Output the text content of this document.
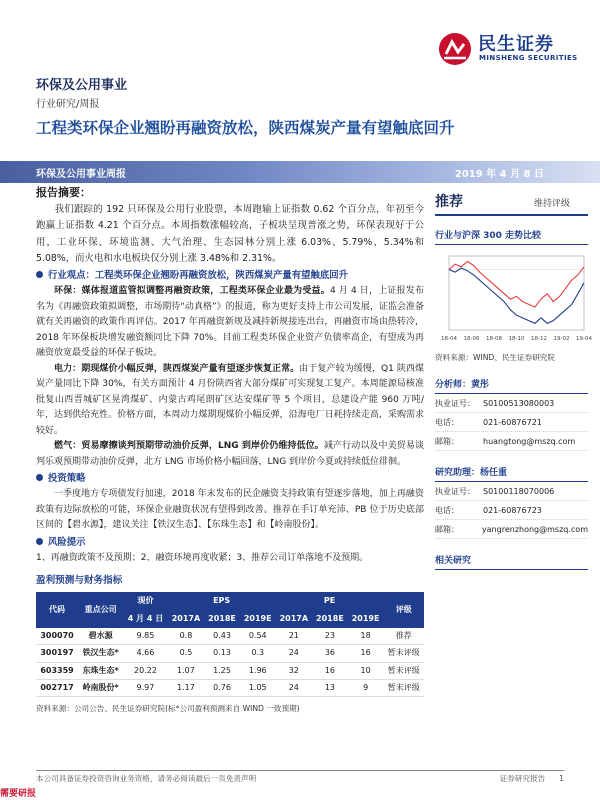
民生证券
MINSHENG SECURITIES
环保及公用事业
行业研究/周报
工程类环保企业翘盼再融资放松，陕西煤炭产量有望触底回升
环保及公用事业周报	2019 年 4 月 8 日
报告摘要：
我们跟踪的 192 只环保及公用行业股票，本周跑输上证指数 0.62 个百分点，年初至今跑赢上证指数 4.21 个百分点。本周指数涨幅较高，子板块呈现普涨之势，环保表现好于公用，工业环保、环境监测、大气治理、生态园林分别上涨 6.03%、5.79%、5.34%和 5.08%，而火电和水电板块仅分别上涨 3.48%和 2.31%。
行业观点：工程类环保企业翘盼再融资放松，陕西煤炭产量有望触底回升
环保：媒体报道监管拟调整再融资政策，工程类环保企业最为受益。4 月 4 日，上证报发布名为《再融资政策拟调整，市场期待“动真格”》的报道，称为更好支持上市公司发展，证监会准备就有关再融资的政策作再评估。2017 年再融资新规及减持新规接连出台，再融资市场由热转冷，2018 年环保板块增发融资额同比下降 70%。目前工程类环保企业资产负债率高企，有望成为再融资放宽最受益的环保子板块。
电力：期现煤价小幅反弹，陕西煤炭产量有望逐步恢复正常。由于复产较为缓慢，Q1 陕西煤炭产量同比下降 30%，有关方面预计 4 月份陕西省大部分煤矿可实现复工复产。本周能源局核准批复山西晋城矿区晃湾煤矿、内蒙古鸡尾朗矿区达安煤矿等 5 个项目，总建设产能 960 万吨/年，达到供给充性。价格方面，本周动力煤期现煤价小幅反弹，沿海电厂日耗持续走高，采购需求较好。
燃气：贸易摩擦谈判预期带动油价反弹，LNG 到岸价仍维持低位。减产行动以及中美贸易谈判乐观预期带动油价反弹，北方 LNG 市场价格小幅回落，LNG 到岸价今夏或持续低位徘徊。
投资策略
一季度地方专项债发行加速，2018 年末发布的民企融资支持政策有望逐步落地，加上再融资政策有边际放松的可能，环保企业融资状况有望得到改善。推荐在手订单充沛、PB 位于历史底部区间的【碧水源】，建议关注【铁汉生态】、【东珠生态】和【岭南股份】。
风险提示
1、再融资政策不及预期；2、融资环境再度收紧；3、推荐公司订单落地不及预期。
盈利预测与财务指标
代码	重点公司	现价	EPS			PE			评级
		4 月 4 日	2017A	2018E	2019E	2017A	2018E	2019E	
300070	碧水源	9.85	0.8	0.43	0.54	21	23	18	推荐
300197	铁汉生态*	4.66	0.5	0.13	0.3	24	36	16	暂未评级
603359	东珠生态*	20.22	1.07	1.25	1.96	32	16	10	暂未评级
002717	岭南股份*	9.97	1.17	0.76	1.05	24	13	9	暂未评级
资料来源：公司公告、民生证券研究院(标*公司盈利预测来自 WIND 一致预期)
推荐	维持评级
行业与沪深 300 走势比较
18-04 18-06 18-08 18-10 18-12 19-02 19-04
资料来源：WIND、民生证券研究院
分析师：黄彤
执业证号：	S0100513080003
电话：	021-60876721
邮箱：	huangtong@mszq.com
研究助理：杨任重
执业证号：	S0100118070006
电话：	021-60876723
邮箱：	yangrenzhong@mszq.com
相关研究
本公司具备证券投资咨询业务资格，请务必阅读最后一页免责声明	证券研究报告 1
需要研报
